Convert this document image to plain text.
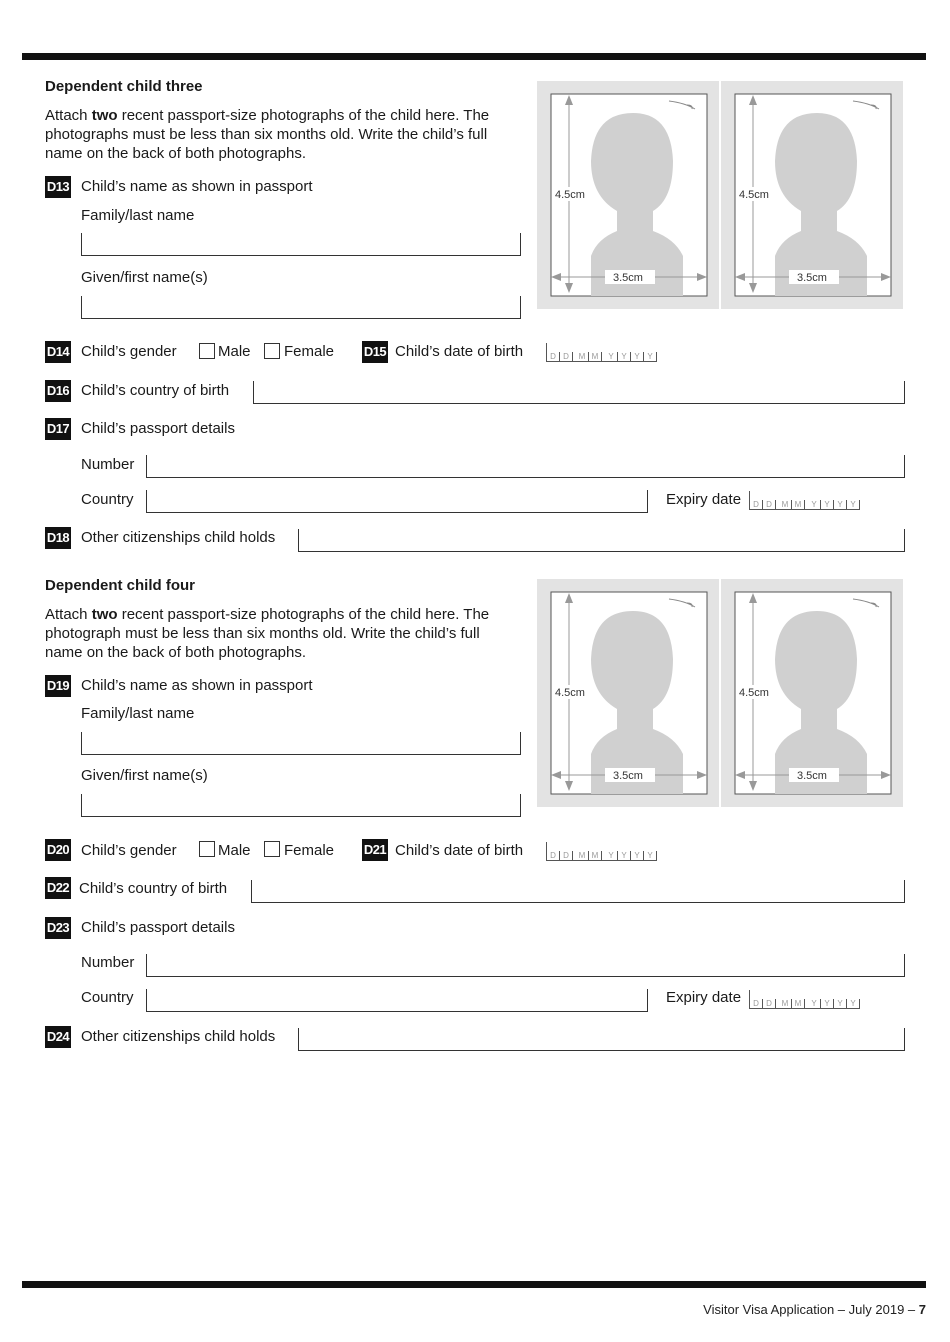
Dependent child three
Attach two recent passport-size photographs of the child here. The photographs must be less than six months old. Write the child’s full name on the back of both photographs.
4.5cm
3.5cm
4.5cm
3.5cm
D13 Child’s name as shown in passport
Family/last name
Given/first name(s)
D14 Child’s gender	Male Female D15 Child’s date of birth	D D	M M	Y Y Y Y
D16 Child’s country of birth
D17 Child’s passport details
Number
Country	Expiry date	D D	M M	Y Y Y Y
D18 Other citizenships child holds
Dependent child four
Attach two recent passport-size photographs of the child here. The photograph must be less than six months old. Write the child’s full name on the back of both photographs.
4.5cm
3.5cm
4.5cm
3.5cm
D19 Child’s name as shown in passport
Family/last name
Given/first name(s)
D20 Child’s gender	Male Female D21 Child’s date of birth	D D	M M	Y Y Y Y
D22 Child’s country of birth
D23 Child’s passport details
Number
Country	Expiry date	D D	M M	Y Y Y Y
D24 Other citizenships child holds
Visitor Visa Application – July 2019 – 7
